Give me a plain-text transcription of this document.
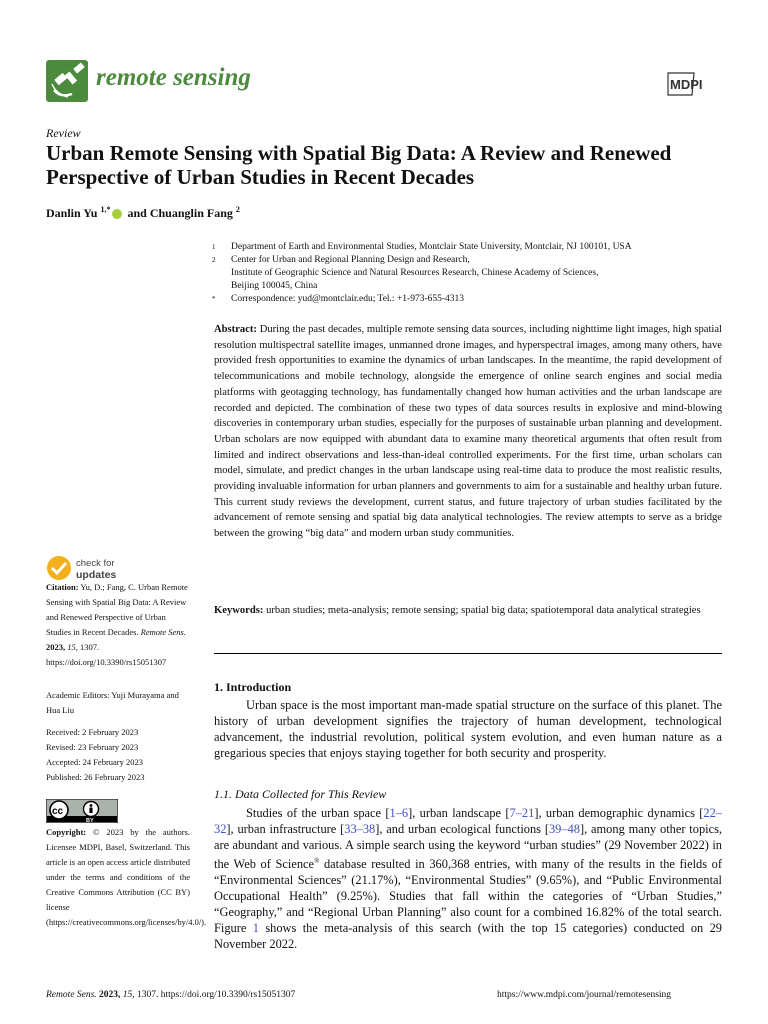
remote sensing	MDPI
Review
Urban Remote Sensing with Spatial Big Data: A Review and Renewed Perspective of Urban Studies in Recent Decades
Danlin Yu $^{1,*}$ and Chuanglin Fang $^2$
1 Department of Earth and Environmental Studies, Montclair State University, Montclair, NJ 100101, USA
2 Center for Urban and Regional Planning Design and Research,
Institute of Geographic Science and Natural Resources Research, Chinese Academy of Sciences,
Beijing 100045, China
* Correspondence: yud@montclair.edu; Tel.: +1-973-655-4313
Abstract: During the past decades, multiple remote sensing data sources, including nighttime light images, high spatial resolution multispectral satellite images, unmanned drone images, and hyperspectral images, among many others, have provided fresh opportunities to examine the dynamics of urban landscapes. In the meantime, the rapid development of telecommunications and mobile technology, alongside the emergence of online search engines and social media platforms with geotagging technology, has fundamentally changed how human activities and the urban landscape are recorded and depicted. The combination of these two types of data sources results in explosive and mind-blowing discoveries in contemporary urban studies, especially for the purposes of sustainable urban planning and development. Urban scholars are now equipped with abundant data to examine many theoretical arguments that often result from limited and indirect observations and less-than-ideal controlled experiments. For the first time, urban scholars can model, simulate, and predict changes in the urban landscape using real-time data to produce the most realistic results, providing invaluable information for urban planners and governments to aim for a sustainable and healthy urban future. This current study reviews the development, current status, and future trajectory of urban studies facilitated by the advancement of remote sensing and spatial big data analytical technologies. The review attempts to serve as a bridge between the growing “big data” and modern urban study communities.
Keywords: urban studies; meta-analysis; remote sensing; spatial big data; spatiotemporal data analytical strategies
check for
updates
Citation: Yu, D.; Fang, C. Urban Remote Sensing with Spatial Big Data: A Review and Renewed Perspective of Urban Studies in Recent Decades. Remote Sens. 2023, 15, 1307. https://doi.org/10.3390/rs15051307
Academic Editors: Yuji Murayama and Hua Liu
Received: 2 February 2023
Revised: 23 February 2023
Accepted: 24 February 2023
Published: 26 February 2023
cc
BY
Copyright: © 2023 by the authors. Licensee MDPI, Basel, Switzerland. This article is an open access article distributed under the terms and conditions of the Creative Commons Attribution (CC BY) license (https://creativecommons.org/licenses/by/4.0/).
1. Introduction
Urban space is the most important man-made spatial structure on the surface of this planet. The history of urban development signifies the trajectory of human development, technological advancement, the industrial revolution, political system evolution, and even human nature as a gregarious species that enjoys staying together for both security and prosperity.
1.1. Data Collected for This Review
Studies of the urban space [1–6], urban landscape [7–21], urban demographic dynamics [22–32], urban infrastructure [33–38], and urban ecological functions [39–48], among many other topics, are abundant and various. A simple search using the keyword “urban studies” (29 November 2022) in the Web of Science® database resulted in 360,368 entries, with many of the results in the fields of “Environmental Sciences” (21.17%), “Environmental Studies” (9.65%), and “Public Environmental Occupational Health” (9.25%). Studies that fall within the categories of “Urban Studies,” “Geography,” and “Regional Urban Planning” also count for a combined 16.82% of the total search. Figure 1 shows the meta-analysis of this search (with the top 15 categories) conducted on 29 November 2022.
Remote Sens. 2023, 15, 1307. https://doi.org/10.3390/rs15051307	https://www.mdpi.com/journal/remotesensing
